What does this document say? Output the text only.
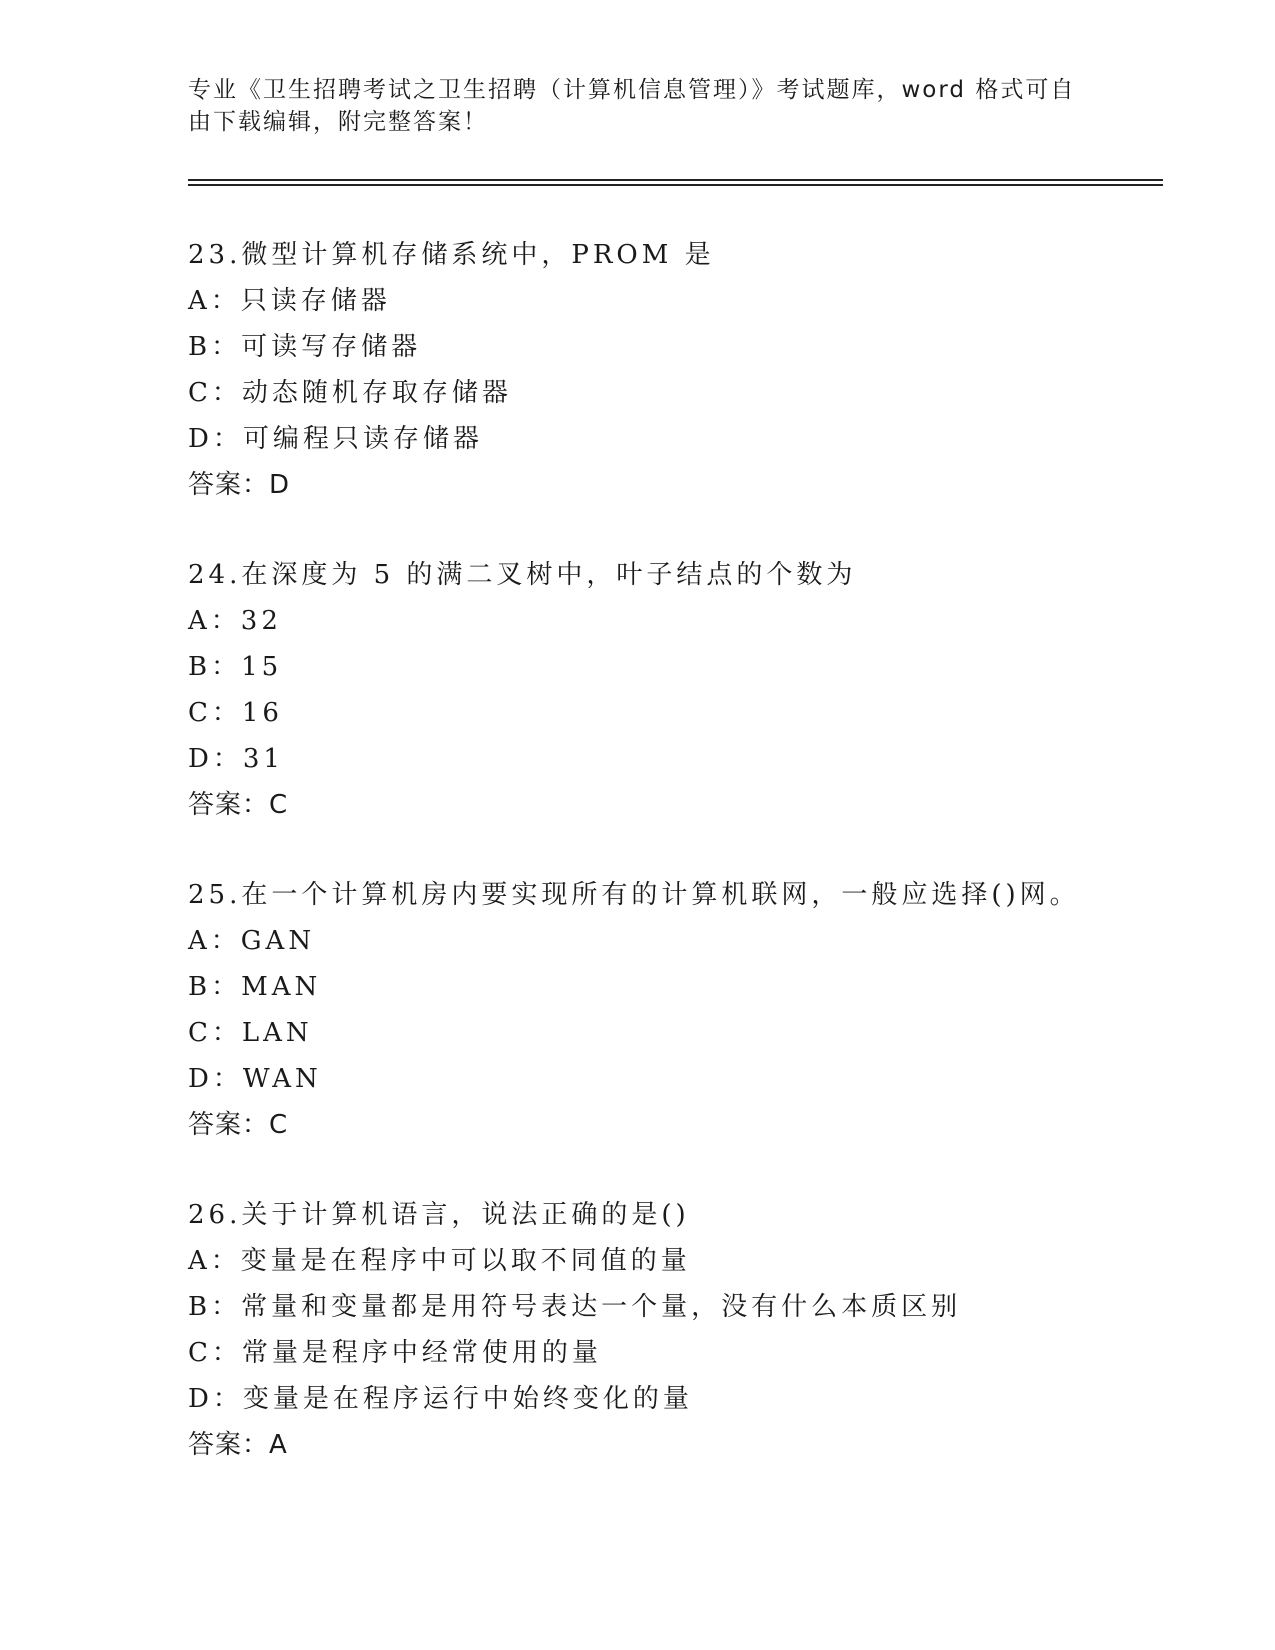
专业《卫生招聘考试之卫生招聘（计算机信息管理）》考试题库，word 格式可自
由下载编辑，附完整答案！
23.微型计算机存储系统中，PROM 是
A：只读存储器
B：可读写存储器
C：动态随机存取存储器
D：可编程只读存储器
答案：D
24.在深度为 5 的满二叉树中，叶子结点的个数为
A：32
B：15
C：16
D：31
答案：C
25.在一个计算机房内要实现所有的计算机联网，一般应选择()网。
A：GAN
B：MAN
C：LAN
D：WAN
答案：C
26.关于计算机语言，说法正确的是()
A：变量是在程序中可以取不同值的量
B：常量和变量都是用符号表达一个量，没有什么本质区别
C：常量是程序中经常使用的量
D：变量是在程序运行中始终变化的量
答案：A
